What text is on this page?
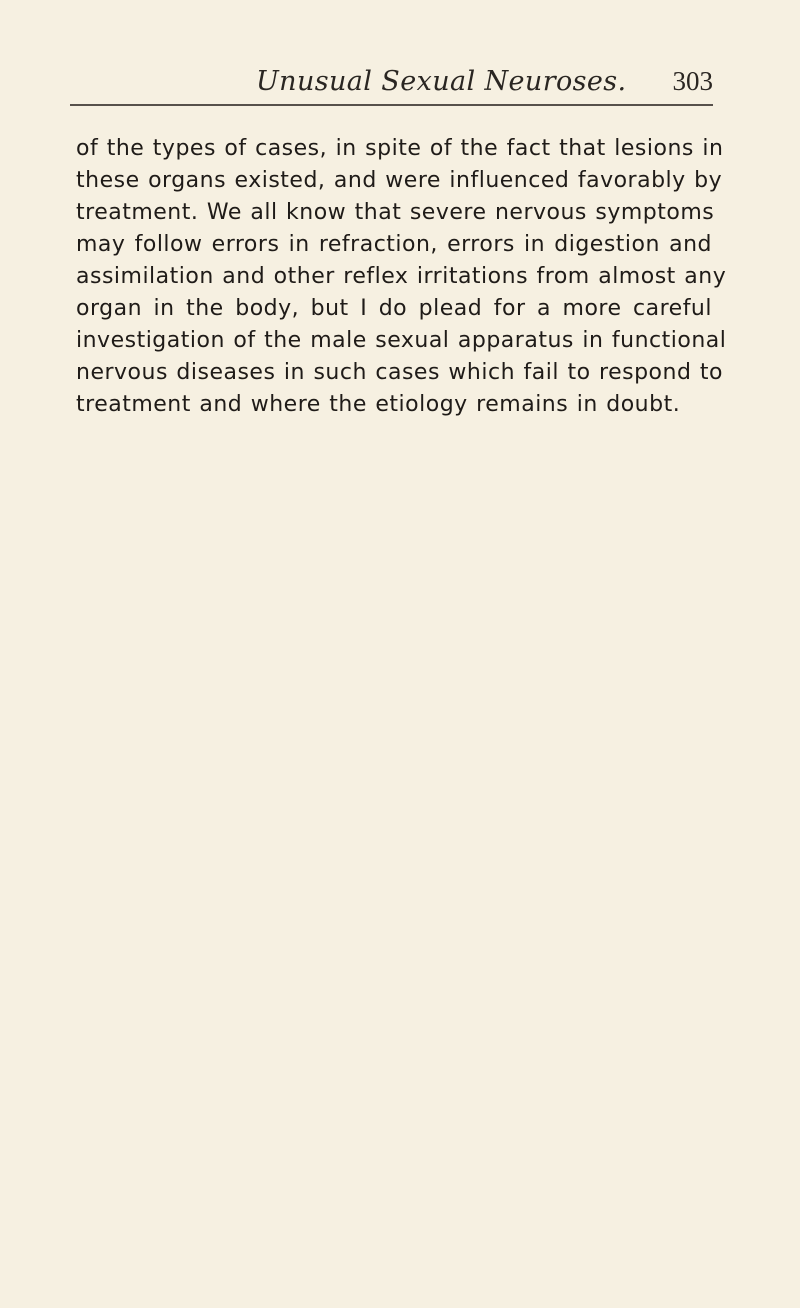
Unusual Sexual Neuroses. 303
of the types of cases, in spite of the fact that lesions in
these organs existed, and were influenced favorably by
treatment. We all know that severe nervous symptoms
may follow errors in refraction, errors in digestion and
assimilation and other reflex irritations from almost any
organ in the body, but I do plead for a more careful
investigation of the male sexual apparatus in functional
nervous diseases in such cases which fail to respond to
treatment and where the etiology remains in doubt.
